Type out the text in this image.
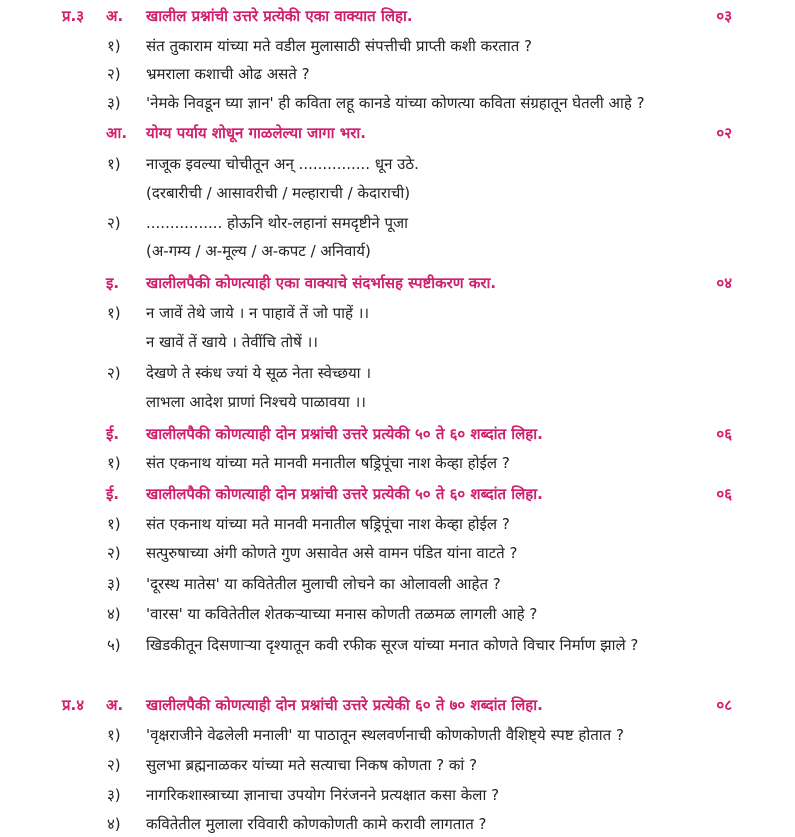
प्र.३ अ. खालील प्रश्नांची उत्तरे प्रत्येकी एका वाक्यात लिहा.	०३
१) संत तुकाराम यांच्या मते वडील मुलासाठी संपत्तीची प्राप्ती कशी करतात ?
२) भ्रमराला कशाची ओढ असते ?
३) 'नेमके निवडून घ्या ज्ञान' ही कविता लहू कानडे यांच्या कोणत्या कविता संग्रहातून घेतली आहे ?
आ. योग्य पर्याय शोधून गाळलेल्या जागा भरा.	०२
१) नाजूक इवल्या चोचीतून अन् ............... धून उठे.
(दरबारीची / आसावरीची / मल्हाराची / केदाराची)
२) ................ होऊनि थोर-लहानां समदृष्टीने पूजा
(अ-गम्य / अ-मूल्य / अ-कपट / अनिवार्य)
इ. खालीलपैकी कोणत्याही एका वाक्याचे संदर्भासह स्पष्टीकरण करा.	०४
१) न जावें तेथे जाये । न पाहावें तें जो पाहें ।।
न खावें तें खाये । तेवींचि तोषें ।।
२) देखणे ते स्कंध ज्यां ये सूळ नेता स्वेच्छया ।
लाभला आदेश प्राणां निश्चये पाळावया ।।
ई. खालीलपैकी कोणत्याही दोन प्रश्नांची उत्तरे प्रत्येकी ५० ते ६० शब्दांत लिहा.	०६
१) संत एकनाथ यांच्या मते मानवी मनातील षड्रिपूंचा नाश केव्हा होईल ?
ई. खालीलपैकी कोणत्याही दोन प्रश्नांची उत्तरे प्रत्येकी ५० ते ६० शब्दांत लिहा.	०६
१) संत एकनाथ यांच्या मते मानवी मनातील षड्रिपूंचा नाश केव्हा होईल ?
२) सत्पुरुषाच्या अंगी कोणते गुण असावेत असे वामन पंडित यांना वाटते ?
३) 'दूरस्थ मातेस' या कवितेतील मुलाची लोचने का ओलावली आहेत ?
४) 'वारस' या कवितेतील शेतकऱ्याच्या मनास कोणती तळमळ लागली आहे ?
५) खिडकीतून दिसणाऱ्या दृश्यातून कवी रफीक सूरज यांच्या मनात कोणते विचार निर्माण झाले ?
प्र.४ अ. खालीलपैकी कोणत्याही दोन प्रश्नांची उत्तरे प्रत्येकी ६० ते ७० शब्दांत लिहा.	०८
१) 'वृक्षराजीने वेढलेली मनाली' या पाठातून स्थलवर्णनाची कोणकोणती वैशिष्ट्ये स्पष्ट होतात ?
२) सुलभा ब्रह्मनाळकर यांच्या मते सत्याचा निकष कोणता ? कां ?
३) नागरिकशास्त्राच्या ज्ञानाचा उपयोग निरंजनने प्रत्यक्षात कसा केला ?
४) कवितेतील मुलाला रविवारी कोणकोणती कामे करावी लागतात ?
